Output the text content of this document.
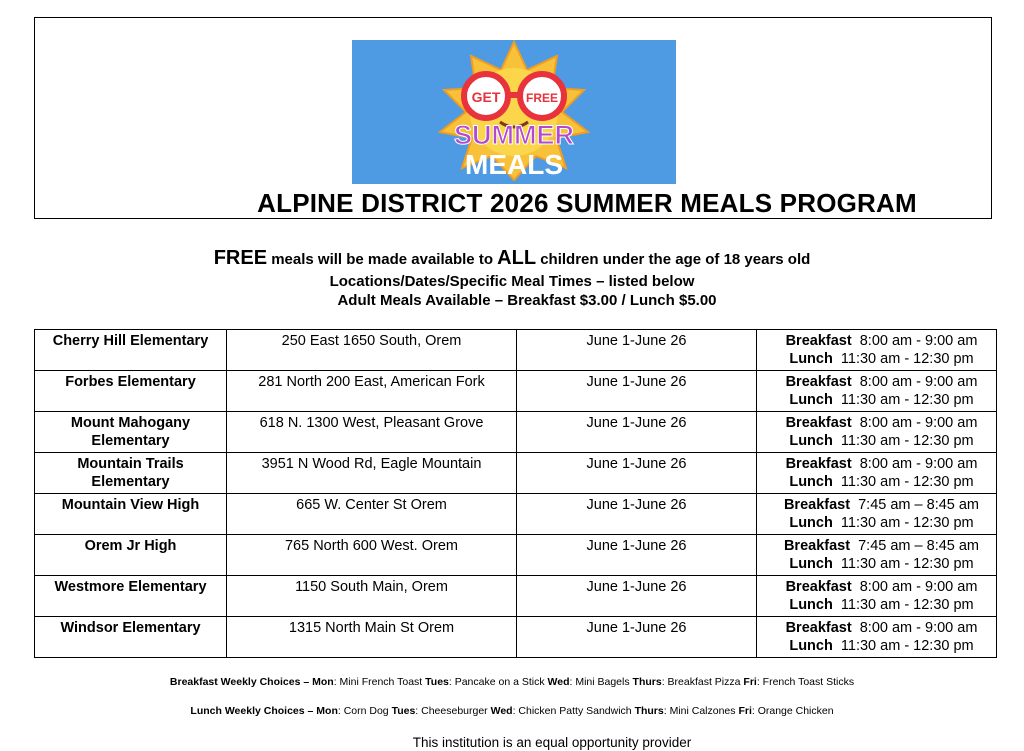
GET FREE
SUMMER
MEALS
ALPINE DISTRICT 2026 SUMMER MEALS PROGRAM
FREE meals will be made available to ALL children under the age of 18 years old
Locations/Dates/Specific Meal Times – listed below
Adult Meals Available – Breakfast $3.00 / Lunch $5.00
Cherry Hill Elementary	250 East 1650 South, Orem	June 1-June 26	Breakfast 8:00 am - 9:00 am
Lunch 11:30 am - 12:30 pm

Forbes Elementary	281 North 200 East, American Fork	June 1-June 26	Breakfast 8:00 am - 9:00 am
Lunch 11:30 am - 12:30 pm

Mount Mahogany Elementary	618 N. 1300 West, Pleasant Grove	June 1-June 26	Breakfast 8:00 am - 9:00 am
Lunch 11:30 am - 12:30 pm

Mountain Trails Elementary	3951 N Wood Rd, Eagle Mountain	June 1-June 26	Breakfast 8:00 am - 9:00 am
Lunch 11:30 am - 12:30 pm

Mountain View High	665 W. Center St Orem	June 1-June 26	Breakfast 7:45 am – 8:45 am
Lunch 11:30 am - 12:30 pm

Orem Jr High	765 North 600 West. Orem	June 1-June 26	Breakfast 7:45 am – 8:45 am
Lunch 11:30 am - 12:30 pm

Westmore Elementary	1150 South Main, Orem	June 1-June 26	Breakfast 8:00 am - 9:00 am
Lunch 11:30 am - 12:30 pm

Windsor Elementary	1315 North Main St Orem	June 1-June 26	Breakfast 8:00 am - 9:00 am
Lunch 11:30 am - 12:30 pm
Breakfast Weekly Choices – Mon: Mini French Toast Tues: Pancake on a Stick Wed: Mini Bagels Thurs: Breakfast Pizza Fri: French Toast Sticks
Lunch Weekly Choices – Mon: Corn Dog Tues: Cheeseburger Wed: Chicken Patty Sandwich Thurs: Mini Calzones Fri: Orange Chicken
This institution is an equal opportunity provider
